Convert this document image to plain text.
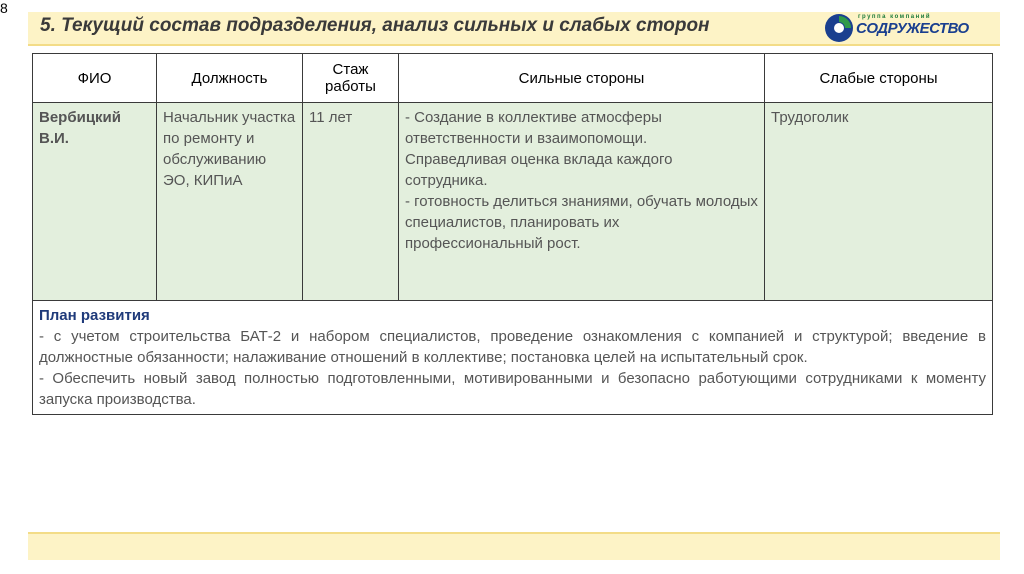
8
5. Текущий состав подразделения, анализ сильных и слабых сторон	группа компаний
СОДРУЖЕСТВО
ФИО	Должность	Стаж работы	Сильные стороны	Слабые стороны
Вербицкий В.И.	Начальник участка по ремонту и обслуживанию ЭО, КИПиА	11 лет	- Создание в коллективе атмосферы ответственности и взаимопомощи.
Справедливая оценка вклада каждого сотрудника.
- готовность делиться знаниями, обучать молодых специалистов, планировать их профессиональный рост.	Трудоголик

План развития
- с учетом строительства БАТ-2 и набором специалистов, проведение ознакомления с компанией и структурой; введение в должностные обязанности; налаживание отношений в коллективе; постановка целей на испытательный срок.
- Обеспечить новый завод полностью подготовленными, мотивированными и безопасно работующими сотрудниками к моменту запуска производства.				
